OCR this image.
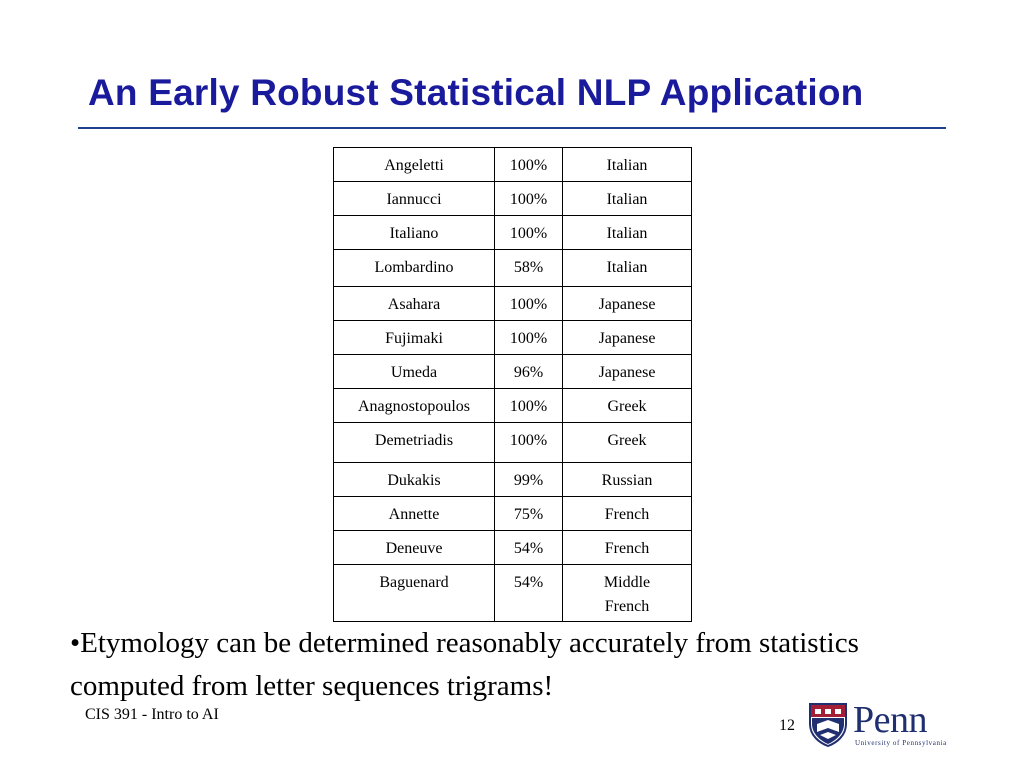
An Early Robust Statistical NLP Application
Angeletti	100%	Italian
Iannucci	100%	Italian
Italiano	100%	Italian
Lombardino	58%	Italian
Asahara	100%	Japanese
Fujimaki	100%	Japanese
Umeda	96%	Japanese
Anagnostopoulos	100%	Greek
Demetriadis	100%	Greek
Dukakis	99%	Russian
Annette	75%	French
Deneuve	54%	French
Baguenard	54%	Middle French
•Etymology can be determined reasonably accurately from statistics computed from letter sequences trigrams!
CIS 391 - Intro to AI
12 Penn
University of Pennsylvania
